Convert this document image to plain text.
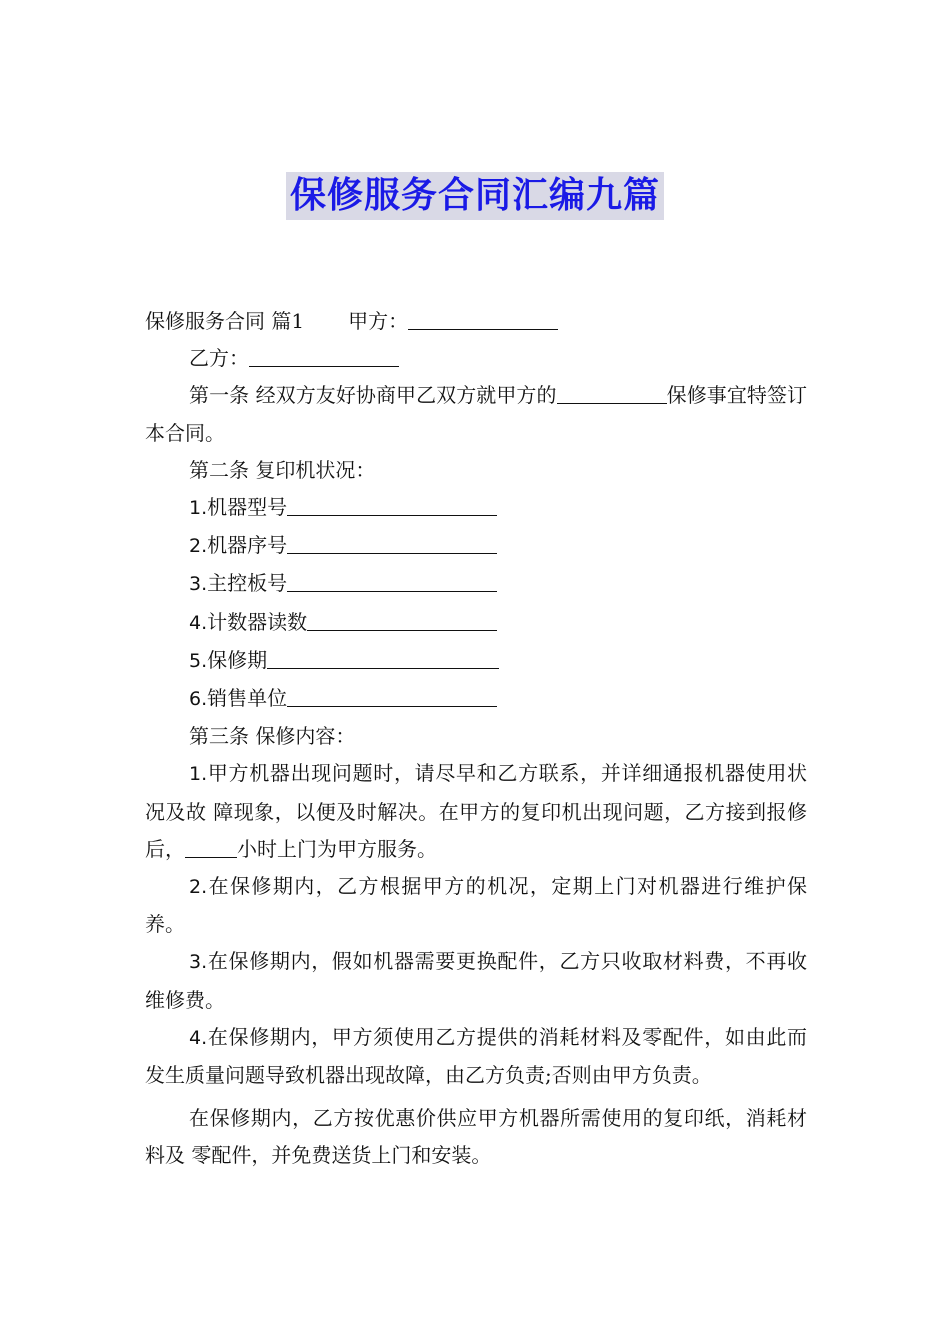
保修服务合同汇编九篇

保修服务合同 篇1 甲方：

乙方：

第一条 经双方友好协商甲乙双方就甲方的	保修事宜特签订本合同。

第二条 复印机状况：

1.机器型号

2.机器序号

3.主控板号

4.计数器读数

5.保修期

6.销售单位

第三条 保修内容：

1.甲方机器出现问题时，请尽早和乙方联系，并详细通报机器使用状况及故 障现象，以便及时解决。在甲方的复印机出现问题，乙方接到报修后，	小时上门为甲方服务。

2.在保修期内，乙方根据甲方的机况，定期上门对机器进行维护保养。

3.在保修期内，假如机器需要更换配件，乙方只收取材料费，不再收维修费。

4.在保修期内，甲方须使用乙方提供的消耗材料及零配件，如由此而发生质量问题导致机器出现故障，由乙方负责;否则由甲方负责。

在保修期内，乙方按优惠价供应甲方机器所需使用的复印纸，消耗材料及 零配件，并免费送货上门和安装。
